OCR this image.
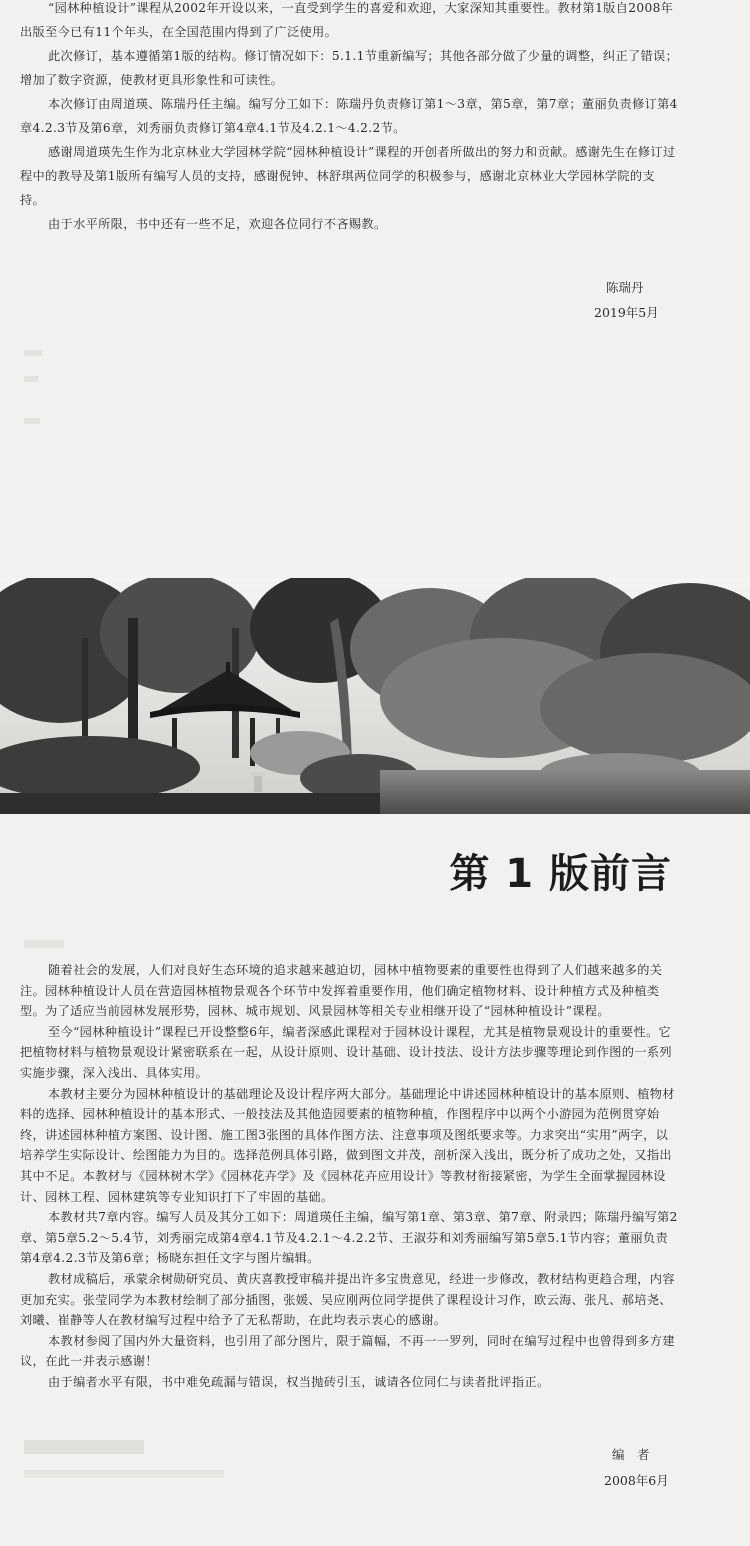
“园林种植设计”课程从2002年开设以来，一直受到学生的喜爱和欢迎，大家深知其重要性。教材第1版自2008年出版至今已有11个年头，在全国范围内得到了广泛使用。

此次修订，基本遵循第1版的结构。修订情况如下：5.1.1节重新编写；其他各部分做了少量的调整，纠正了错误；增加了数字资源，使教材更具形象性和可读性。

本次修订由周道瑛、陈瑞丹任主编。编写分工如下：陈瑞丹负责修订第1～3章，第5章，第7章；董丽负责修订第4章4.2.3节及第6章，刘秀丽负责修订第4章4.1节及4.2.1～4.2.2节。

感谢周道瑛先生作为北京林业大学园林学院“园林种植设计”课程的开创者所做出的努力和贡献。感谢先生在修订过程中的教导及第1版所有编写人员的支持，感谢倪钟、林舒琪两位同学的积极参与，感谢北京林业大学园林学院的支持。

由于水平所限，书中还有一些不足，欢迎各位同行不吝赐教。

陈瑞丹
2019年5月
第 1 版前言

随着社会的发展，人们对良好生态环境的追求越来越迫切，园林中植物要素的重要性也得到了人们越来越多的关注。园林种植设计人员在营造园林植物景观各个环节中发挥着重要作用，他们确定植物材料、设计种植方式及种植类型。为了适应当前园林发展形势，园林、城市规划、风景园林等相关专业相继开设了“园林种植设计”课程。

至今“园林种植设计”课程已开设整整6年，编者深感此课程对于园林设计课程，尤其是植物景观设计的重要性。它把植物材料与植物景观设计紧密联系在一起，从设计原则、设计基础、设计技法、设计方法步骤等理论到作图的一系列实施步骤，深入浅出、具体实用。

本教材主要分为园林种植设计的基础理论及设计程序两大部分。基础理论中讲述园林种植设计的基本原则、植物材料的选择、园林种植设计的基本形式、一般技法及其他造园要素的植物种植，作图程序中以两个小游园为范例贯穿始终，讲述园林种植方案图、设计图、施工图3张图的具体作图方法、注意事项及图纸要求等。力求突出“实用”两字，以培养学生实际设计、绘图能力为目的。选择范例具体引路，做到图文并茂，剖析深入浅出，既分析了成功之处，又指出其中不足。本教材与《园林树木学》《园林花卉学》及《园林花卉应用设计》等教材衔接紧密，为学生全面掌握园林设计、园林工程、园林建筑等专业知识打下了牢固的基础。

本教材共7章内容。编写人员及其分工如下：周道瑛任主编，编写第1章、第3章、第7章、附录四；陈瑞丹编写第2章、第5章5.2～5.4节，刘秀丽完成第4章4.1节及4.2.1～4.2.2节、王淑芬和刘秀丽编写第5章5.1节内容；董丽负责第4章4.2.3节及第6章；杨晓东担任文字与图片编辑。

教材成稿后，承蒙余树勋研究员、黄庆喜教授审稿并提出许多宝贵意见，经进一步修改，教材结构更趋合理，内容更加充实。张莹同学为本教材绘制了部分插图，张媛、吴应刚两位同学提供了课程设计习作，欧云海、张凡、郝培尧、刘曦、崔静等人在教材编写过程中给予了无私帮助，在此均表示衷心的感谢。

本教材参阅了国内外大量资料，也引用了部分图片，限于篇幅，不再一一罗列，同时在编写过程中也曾得到多方建议，在此一并表示感谢！

由于编者水平有限，书中难免疏漏与错误，权当抛砖引玉，诚请各位同仁与读者批评指正。

编　者
2008年6月
